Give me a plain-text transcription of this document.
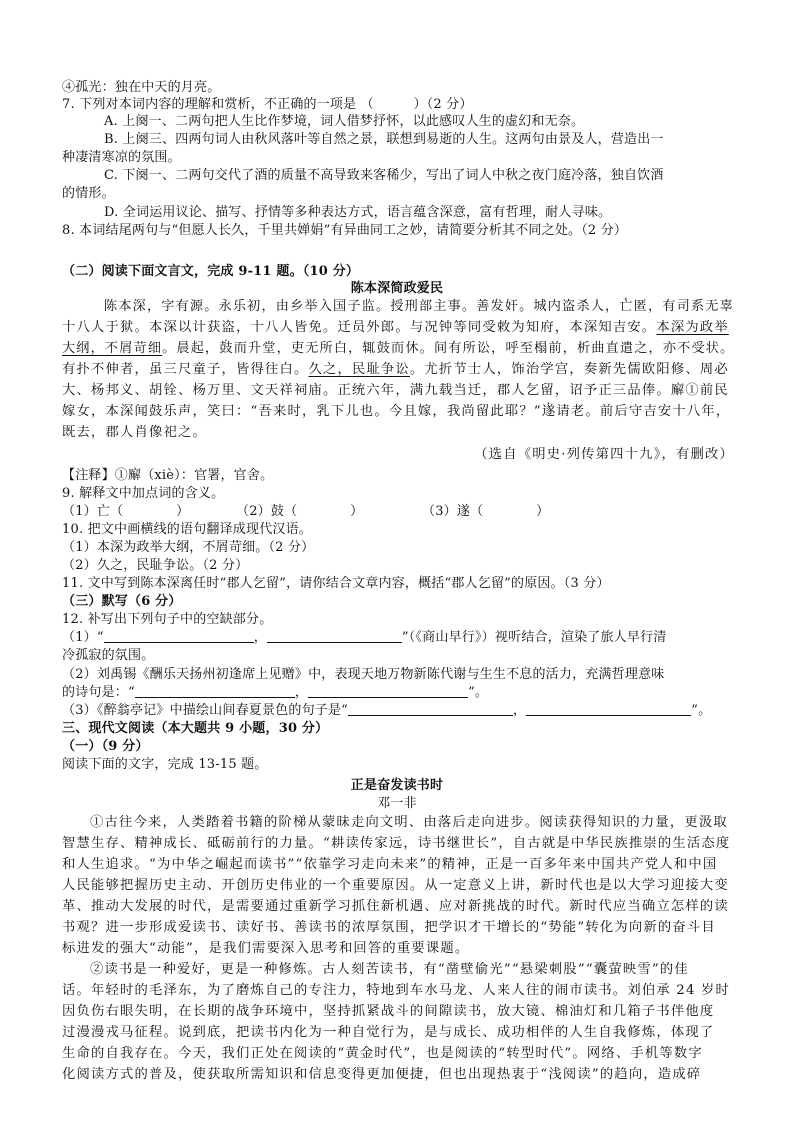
④孤光：独在中天的月亮。
7. 下列对本词内容的理解和赏析，不正确的一项是 （　　　）（2 分）
A. 上阕一、二两句把人生比作梦境，词人借梦抒怀，以此感叹人生的虚幻和无奈。
B. 上阕三、四两句词人由秋风落叶等自然之景，联想到易逝的人生。这两句由景及人，营造出一
种凄清寒凉的氛围。
C. 下阕一、二两句交代了酒的质量不高导致来客稀少，写出了词人中秋之夜门庭冷落，独自饮酒
的情形。
D. 全词运用议论、描写、抒情等多种表达方式，语言蕴含深意，富有哲理，耐人寻味。
8. 本词结尾两句与“但愿人长久，千里共婵娟”有异曲同工之妙，请简要分析其不同之处。（2 分）
（二）阅读下面文言文，完成 9-11 题。（10 分）
陈本深简政爱民
陈本深，字有源。永乐初，由乡举入国子监。授刑部主事。善发奸。城内盗杀人，亡匿，有司系无辜
十八人于狱。本深以计获盗，十八人皆免。迁员外郎。与况钟等同受敕为知府，本深知吉安。本深为政举
大纲，不屑苛细。晨起，鼓而升堂，吏无所白，辄鼓而休。间有所讼，呼至榻前，析曲直遣之，亦不受状。
有扑不伸者，虽三尺童子，皆得往白。久之，民耻争讼。尤折节士人，饰治学宫，奏新先儒欧阳修、周必
大、杨邦义、胡铨、杨万里、文天祥祠庙。正统六年，满九载当迁，郡人乞留，诏予正三品俸。廨①前民
嫁女，本深闻鼓乐声，笑曰：“吾来时，乳下儿也。今且嫁，我尚留此耶？”遂请老。前后守吉安十八年，
既去，郡人肖像祀之。
（选自《明史·列传第四十九》，有删改）
【注释】①廨（xiè）：官署，官舍。
9. 解释文中加点词的含义。
（1）亡（　　　　）	（2）鼓（　　　　）	（3）遂（　　　　）
10. 把文中画横线的语句翻译成现代汉语。
（1）本深为政举大纲，不屑苛细。（2 分）
（2）久之，民耻争讼。（2 分）
11. 文中写到陈本深离任时“郡人乞留”，请你结合文章内容，概括“郡人乞留”的原因。（3 分）
（三）默写（6 分）
12. 补写出下列句子中的空缺部分。
（1）“	，	”（《商山早行》）视听结合，渲染了旅人早行清
冷孤寂的氛围。
（2）刘禹锡《酬乐天扬州初逢席上见赠》中，表现天地万物新陈代谢与生生不息的活力，充满哲理意味
的诗句是：“	，	”。
（3）《醉翁亭记》中描绘山间春夏景色的句子是“	，	”。
三、现代文阅读（本大题共 9 小题，30 分）
（一）（9 分）
阅读下面的文字，完成 13-15 题。
正是奋发读书时
邓一非
①古往今来，人类踏着书籍的阶梯从蒙昧走向文明、由落后走向进步。阅读获得知识的力量，更汲取
智慧生存、精神成长、砥砺前行的力量。“耕读传家远，诗书继世长”，自古就是中华民族推崇的生活态度
和人生追求。“为中华之崛起而读书”“依靠学习走向未来”的精神，正是一百多年来中国共产党人和中国
人民能够把握历史主动、开创历史伟业的一个重要原因。从一定意义上讲，新时代也是以大学习迎接大变
革、推动大发展的时代，是需要通过重新学习抓住新机遇、应对新挑战的时代。新时代应当确立怎样的读
书观？进一步形成爱读书、读好书、善读书的浓厚氛围，把学识才干增长的“势能”转化为向新的奋斗目
标进发的强大“动能”，是我们需要深入思考和回答的重要课题。
②读书是一种爱好，更是一种修炼。古人刻苦读书，有“凿壁偷光”“悬梁刺股”“囊萤映雪”的佳
话。年轻时的毛泽东，为了磨炼自己的专注力，特地到车水马龙、人来人往的闹市读书。刘伯承 24 岁时
因负伤右眼失明，在长期的战争环境中，坚持抓紧战斗的间隙读书，放大镜、棉油灯和几箱子书伴他度
过漫漫戎马征程。说到底，把读书内化为一种自觉行为，是与成长、成功相伴的人生自我修炼，体现了
生命的自我存在。今天，我们正处在阅读的“黄金时代”，也是阅读的“转型时代”。网络、手机等数字
化阅读方式的普及，使获取所需知识和信息变得更加便捷，但也出现热衷于“浅阅读”的趋向，造成碎
